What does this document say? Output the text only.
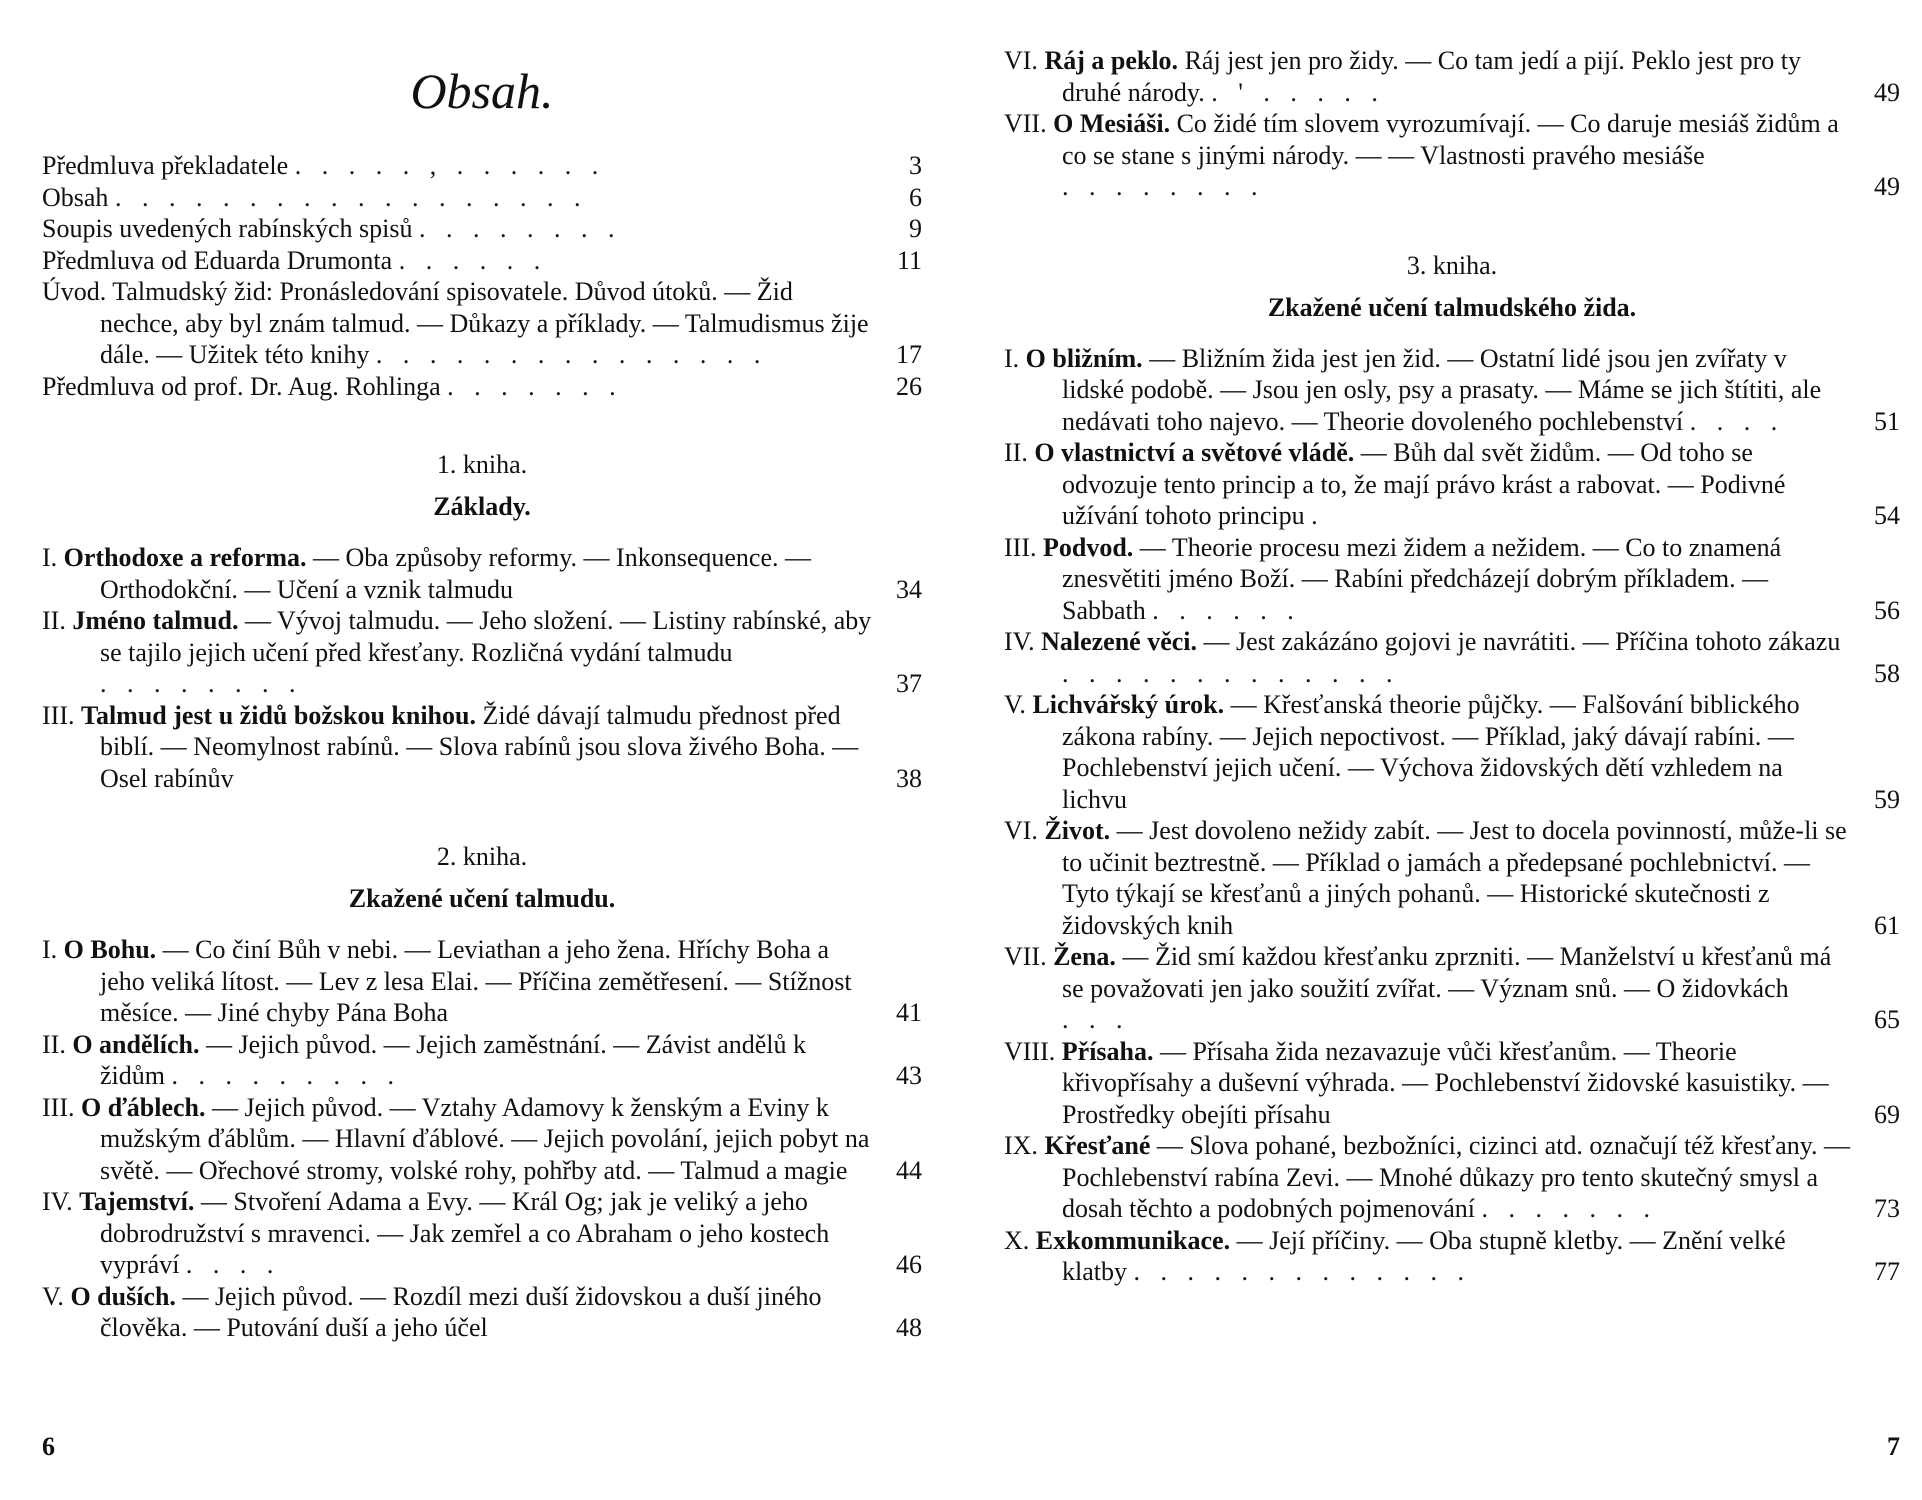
Obsah.
Předmluva překladatele . . . . . , . . . . . .	3
Obsah . . . . . . . . . . . . . . . . . .	6
Soupis uvedených rabínských spisů . . . . . . . .	9
Předmluva od Eduarda Drumonta . . . . . .	11
Úvod. Talmudský žid: Pronásledování spisovatele. Důvod útoků. — Žid nechce, aby byl znám talmud. — Důkazy a příklady. — Talmudismus žije dále. — Užitek této knihy . . . . . . . . . . . . . . .	17
Předmluva od prof. Dr. Aug. Rohlinga . . . . . . .	26
1. kniha.
Základy.
I. Orthodoxe a reforma. — Oba způsoby reformy. — Inkonsequence. — Orthodokční. — Učení a vznik talmudu	34
II. Jméno talmud. — Vývoj talmudu. — Jeho složení. — Listiny rabínské, aby se tajilo jejich učení před křesťany. Rozličná vydání talmudu . . . . . . . .	37
III. Talmud jest u židů božskou knihou. Židé dávají talmudu přednost před biblí. — Neomylnost rabínů. — Slova rabínů jsou slova živého Boha. — Osel rabínův	38
2. kniha.
Zkažené učení talmudu.
I. O Bohu. — Co činí Bůh v nebi. — Leviathan a jeho žena. Hříchy Boha a jeho veliká lítost. — Lev z lesa Elai. — Příčina zemětřesení. — Stížnost měsíce. — Jiné chyby Pána Boha	41
II. O andělích. — Jejich původ. — Jejich zaměstnání. — Závist andělů k židům . . . . . . . . .	43
III. O ďáblech. — Jejich původ. — Vztahy Adamovy k ženským a Eviny k mužským ďáblům. — Hlavní ďáblové. — Jejich povolání, jejich pobyt na světě. — Ořechové stromy, volské rohy, pohřby atd. — Talmud a magie	44
IV. Tajemství. — Stvoření Adama a Evy. — Král Og; jak je veliký a jeho dobrodružství s mravenci. — Jak zemřel a co Abraham o jeho kostech vypráví . . . .	46
V. O duších. — Jejich původ. — Rozdíl mezi duší židovskou a duší jiného člověka. — Putování duší a jeho účel	48
6
VI. Ráj a peklo. Ráj jest jen pro židy. — Co tam jedí a pijí. Peklo jest pro ty druhé národy. . ' . . . . .	49
VII. O Mesiáši. Co židé tím slovem vyrozumívají. — Co daruje mesiáš židům a co se stane s jinými národy. — — Vlastnosti pravého mesiáše . . . . . . . .	49
3. kniha.
Zkažené učení talmudského žida.
I. O bližním. — Bližním žida jest jen žid. — Ostatní lidé jsou jen zvířaty v lidské podobě. — Jsou jen osly, psy a prasaty. — Máme se jich štítiti, ale nedávati toho najevo. — Theorie dovoleného pochlebenství . . . .	51
II. O vlastnictví a světové vládě. — Bůh dal svět židům. — Od toho se odvozuje tento princip a to, že mají právo krást a rabovat. — Podivné užívání tohoto principu .	54
III. Podvod. — Theorie procesu mezi židem a nežidem. — Co to znamená znesvětiti jméno Boží. — Rabíni předcházejí dobrým příkladem. — Sabbath . . . . . .	56
IV. Nalezené věci. — Jest zakázáno gojovi je navrátiti. — Příčina tohoto zákazu . . . . . . . . . . . . .	58
V. Lichvářský úrok. — Křesťanská theorie půjčky. — Falšování biblického zákona rabíny. — Jejich nepoctivost. — Příklad, jaký dávají rabíni. — Pochlebenství jejich učení. — Výchova židovských dětí vzhledem na lichvu	59
VI. Život. — Jest dovoleno nežidy zabít. — Jest to docela povinností, může-li se to učinit beztrestně. — Příklad o jamách a předepsané pochlebnictví. — Tyto týkají se křesťanů a jiných pohanů. — Historické skutečnosti z židovských knih	61
VII. Žena. — Žid smí každou křesťanku zprzniti. — Manželství u křesťanů má se považovati jen jako soužití zvířat. — Význam snů. — O židovkách . . .	65
VIII. Přísaha. — Přísaha žida nezavazuje vůči křesťanům. — Theorie křivopřísahy a duševní výhrada. — Pochlebenství židovské kasuistiky. — Prostředky obejíti přísahu	69
IX. Křesťané — Slova pohané, bezbožníci, cizinci atd. označují též křesťany. — Pochlebenství rabína Zevi. — Mnohé důkazy pro tento skutečný smysl a dosah těchto a podobných pojmenování . . . . . . .	73
X. Exkommunikace. — Její příčiny. — Oba stupně kletby. — Znění velké klatby . . . . . . . . . . . . .	77
7
